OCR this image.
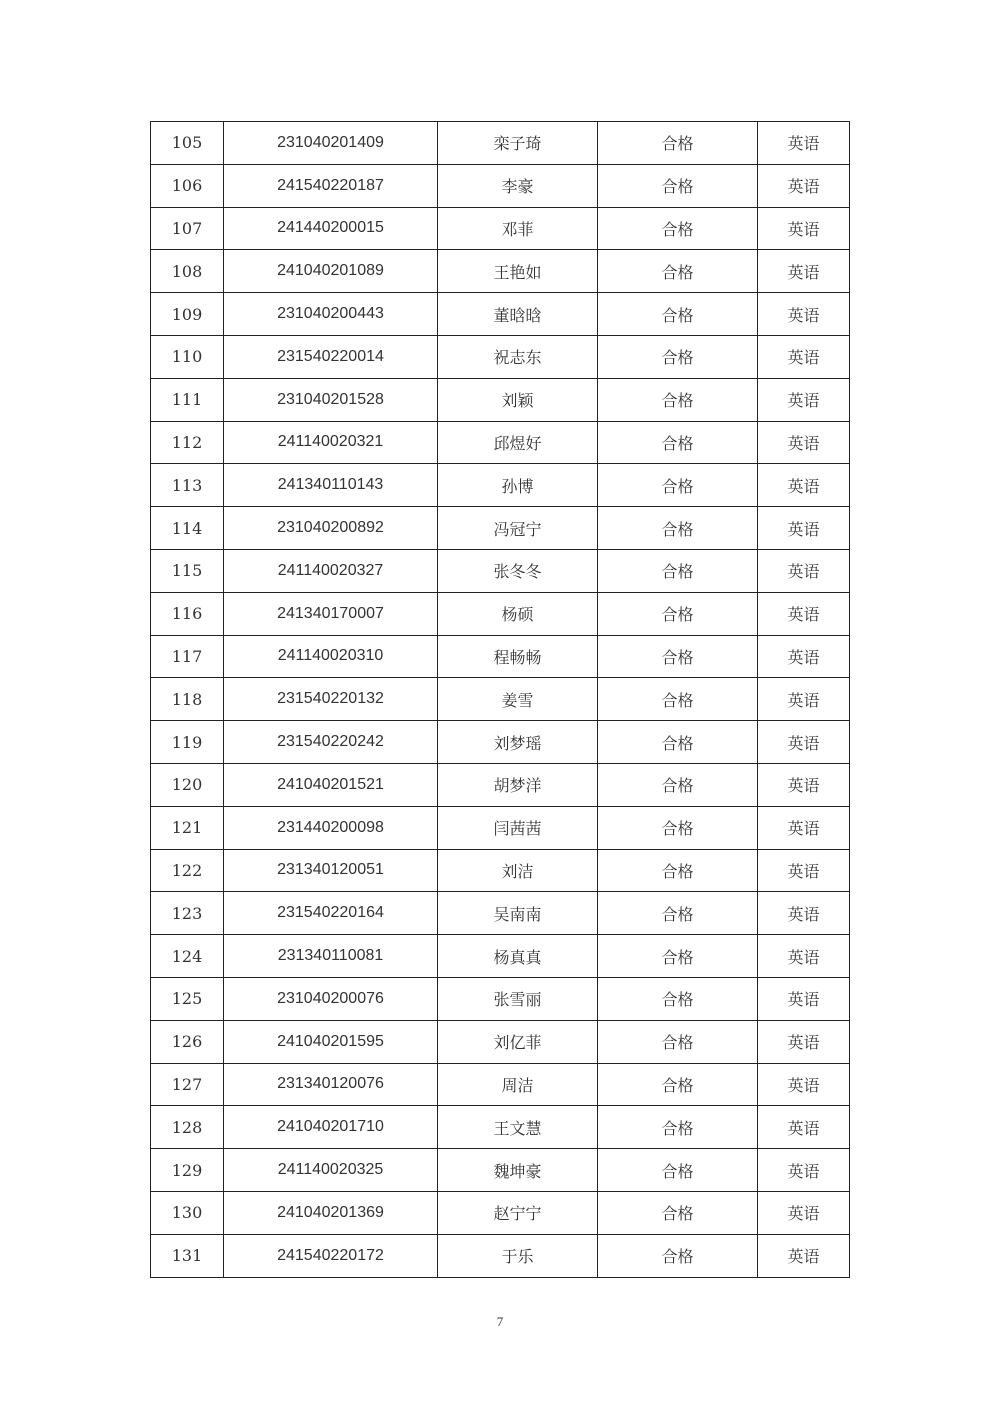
105	231040201409	栾子琦	合格	英语
106	241540220187	李豪	合格	英语
107	241440200015	邓菲	合格	英语
108	241040201089	王艳如	合格	英语
109	231040200443	董晗晗	合格	英语
110	231540220014	祝志东	合格	英语
111	231040201528	刘颖	合格	英语
112	241140020321	邱煜好	合格	英语
113	241340110143	孙博	合格	英语
114	231040200892	冯冠宁	合格	英语
115	241140020327	张冬冬	合格	英语
116	241340170007	杨硕	合格	英语
117	241140020310	程畅畅	合格	英语
118	231540220132	姜雪	合格	英语
119	231540220242	刘梦瑶	合格	英语
120	241040201521	胡梦洋	合格	英语
121	231440200098	闫茜茜	合格	英语
122	231340120051	刘洁	合格	英语
123	231540220164	吴南南	合格	英语
124	231340110081	杨真真	合格	英语
125	231040200076	张雪丽	合格	英语
126	241040201595	刘亿菲	合格	英语
127	231340120076	周洁	合格	英语
128	241040201710	王文慧	合格	英语
129	241140020325	魏坤豪	合格	英语
130	241040201369	赵宁宁	合格	英语
131	241540220172	于乐	合格	英语
7
